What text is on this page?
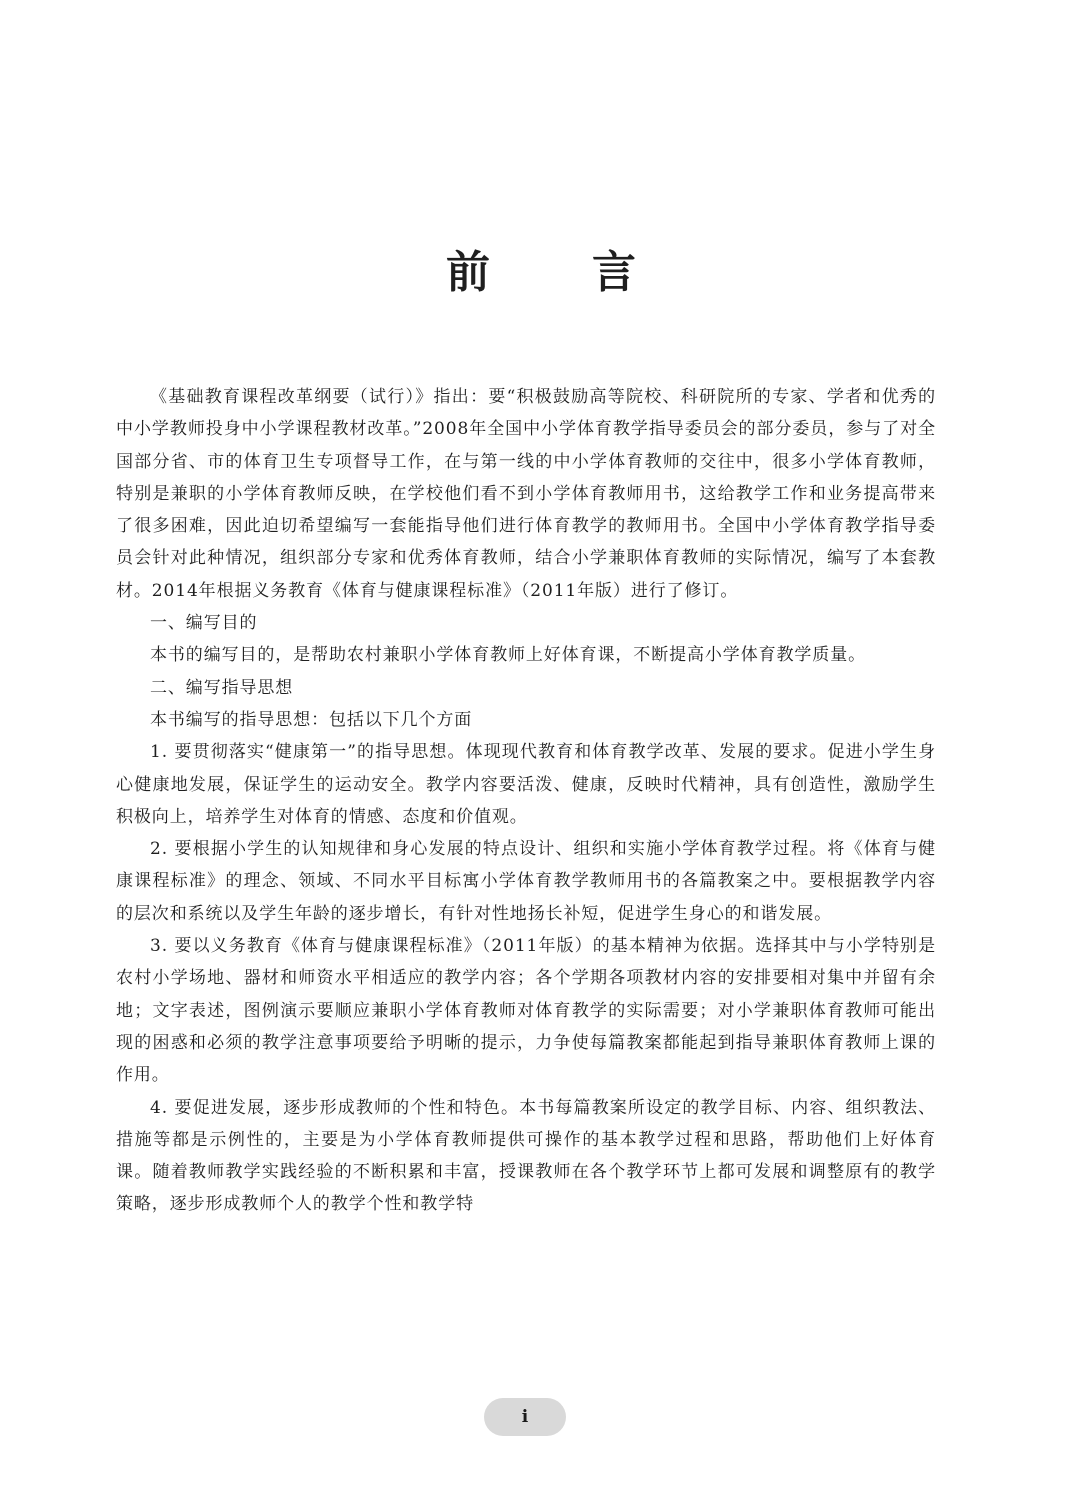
前 言

《基础教育课程改革纲要（试行）》指出：要“积极鼓励高等院校、科研院所的专家、学者和优秀的中小学教师投身中小学课程教材改革。”2008年全国中小学体育教学指导委员会的部分委员，参与了对全国部分省、市的体育卫生专项督导工作，在与第一线的中小学体育教师的交往中，很多小学体育教师，特别是兼职的小学体育教师反映，在学校他们看不到小学体育教师用书，这给教学工作和业务提高带来了很多困难，因此迫切希望编写一套能指导他们进行体育教学的教师用书。全国中小学体育教学指导委员会针对此种情况，组织部分专家和优秀体育教师，结合小学兼职体育教师的实际情况，编写了本套教材。2014年根据义务教育《体育与健康课程标准》（2011年版）进行了修订。

一、编写目的

本书的编写目的，是帮助农村兼职小学体育教师上好体育课，不断提高小学体育教学质量。

二、编写指导思想

本书编写的指导思想：包括以下几个方面

1. 要贯彻落实“健康第一”的指导思想。体现现代教育和体育教学改革、发展的要求。促进小学生身心健康地发展，保证学生的运动安全。教学内容要活泼、健康，反映时代精神，具有创造性，激励学生积极向上，培养学生对体育的情感、态度和价值观。

2. 要根据小学生的认知规律和身心发展的特点设计、组织和实施小学体育教学过程。将《体育与健康课程标准》的理念、领域、不同水平目标寓小学体育教学教师用书的各篇教案之中。要根据教学内容的层次和系统以及学生年龄的逐步增长，有针对性地扬长补短，促进学生身心的和谐发展。

3. 要以义务教育《体育与健康课程标准》（2011年版）的基本精神为依据。选择其中与小学特别是农村小学场地、器材和师资水平相适应的教学内容；各个学期各项教材内容的安排要相对集中并留有余地；文字表述，图例演示要顺应兼职小学体育教师对体育教学的实际需要；对小学兼职体育教师可能出现的困惑和必须的教学注意事项要给予明晰的提示，力争使每篇教案都能起到指导兼职体育教师上课的作用。

4. 要促进发展，逐步形成教师的个性和特色。本书每篇教案所设定的教学目标、内容、组织教法、措施等都是示例性的，主要是为小学体育教师提供可操作的基本教学过程和思路，帮助他们上好体育课。随着教师教学实践经验的不断积累和丰富，授课教师在各个教学环节上都可发展和调整原有的教学策略，逐步形成教师个人的教学个性和教学特

i
